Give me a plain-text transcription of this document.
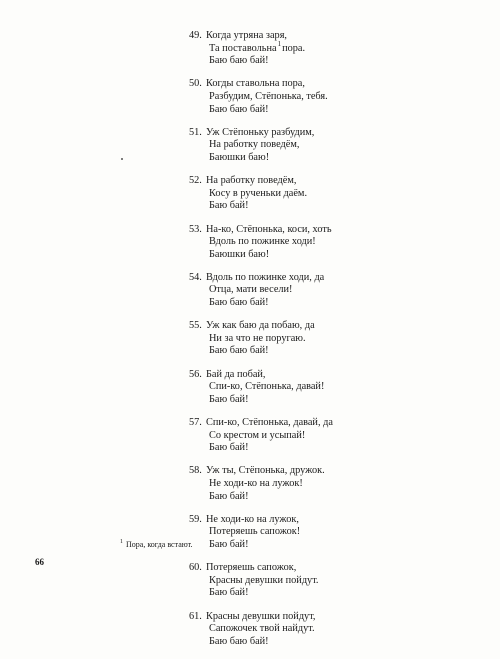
49. Когда утряна заря,
Та поставольна$^1$пора.
Баю баю бай!
50. Когды ставольна пора,
Разбудим, Стёпонька, тебя.
Баю баю бай!
51. Уж Стёпоньку разбудим,
На работку поведём,
Баюшки баю!
52. На работку поведём,
Косу в рученьки даём.
Баю бай!
53. На-ко, Стёпонька, коси, хоть
Вдоль по пожинке ходи!
Баюшки баю!
54. Вдоль по пожинке ходи, да
Отца, мати весели!
Баю баю бай!
55. Уж как баю да побаю, да
Ни за что не поругаю.
Баю баю бай!
56. Бай да побай,
Спи-ко, Стёпонька, давай!
Баю бай!
57. Спи-ко, Стёпонька, давай, да
Со крестом и усыпай!
Баю бай!
58. Уж ты, Стёпонька, дружок.
Не ходи-ко на лужок!
Баю бай!
59. Не ходи-ко на лужок,
Потеряешь сапожок!
Баю бай!
60. Потеряешь сапожок,
Красны девушки пойдут.
Баю бай!
61. Красны девушки пойдут,
Сапожочек твой найдут.
Баю баю бай!
$^1$ Пора, когда встают.
66
